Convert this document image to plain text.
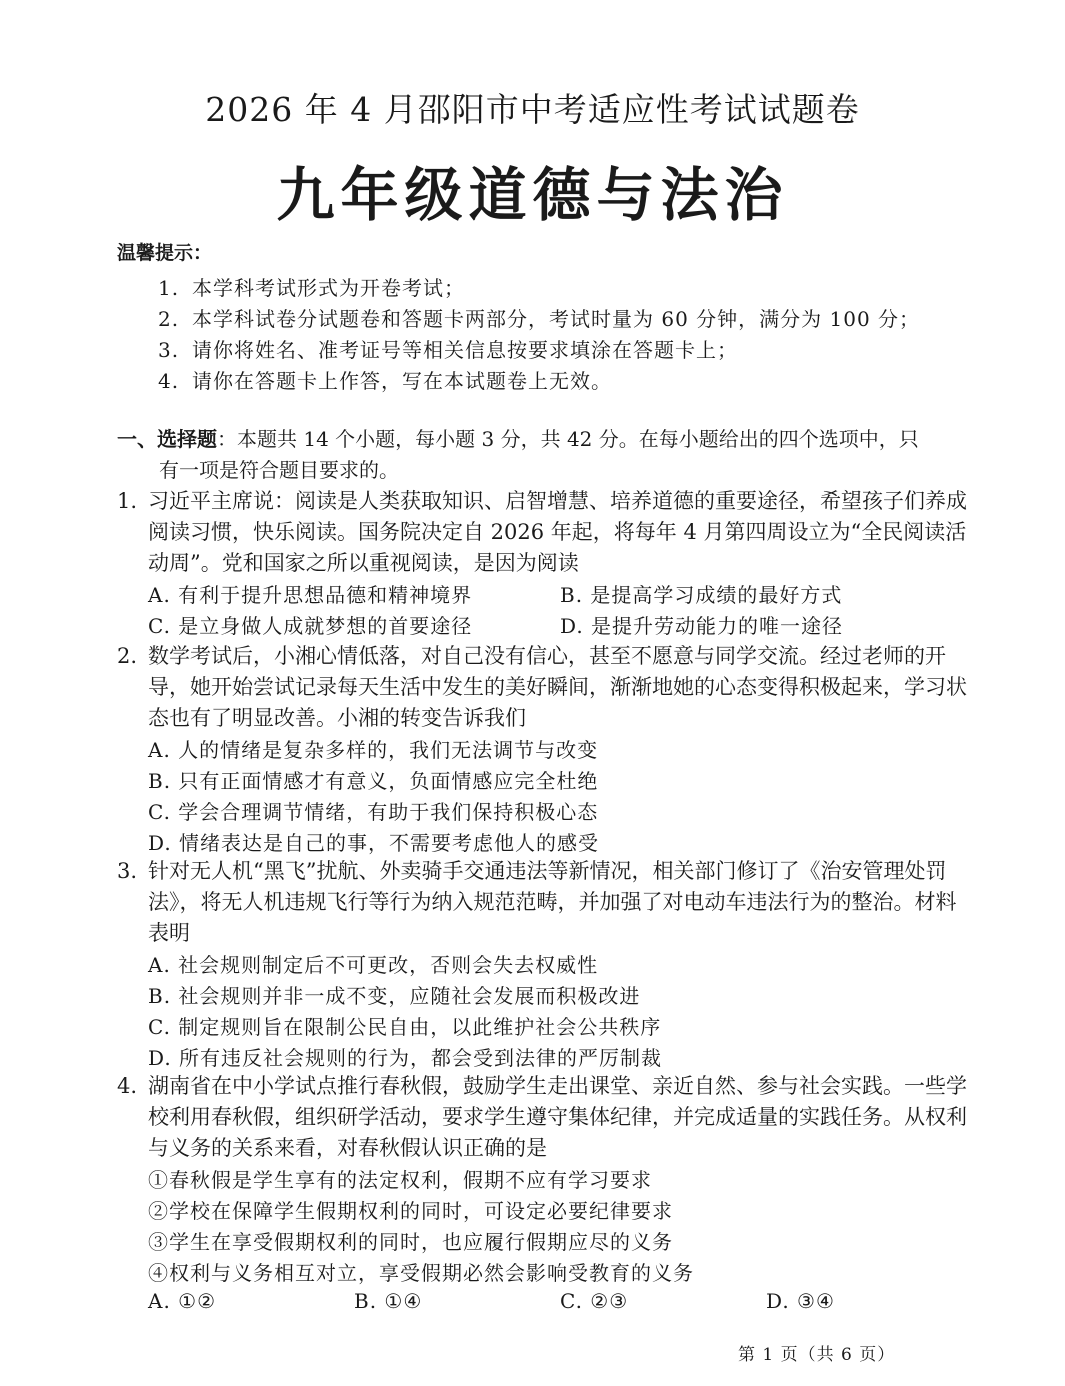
2026 年 4 月邵阳市中考适应性考试试题卷
九年级道德与法治
温馨提示：
1. 本学科考试形式为开卷考试；
2. 本学科试卷分试题卷和答题卡两部分，考试时量为 60 分钟，满分为 100 分；
3. 请你将姓名、准考证号等相关信息按要求填涂在答题卡上；
4. 请你在答题卡上作答，写在本试题卷上无效。
一、选择题：本题共 14 个小题，每小题 3 分，共 42 分。在每小题给出的四个选项中，只
有一项是符合题目要求的。
1. 习近平主席说：阅读是人类获取知识、启智增慧、培养道德的重要途径，希望孩子们养成阅读习惯，快乐阅读。国务院决定自 2026 年起，将每年 4 月第四周设立为“全民阅读活动周”。党和国家之所以重视阅读，是因为阅读
A. 有利于提升思想品德和精神境界	B. 是提高学习成绩的最好方式
C. 是立身做人成就梦想的首要途径	D. 是提升劳动能力的唯一途径
2. 数学考试后，小湘心情低落，对自己没有信心，甚至不愿意与同学交流。经过老师的开导，她开始尝试记录每天生活中发生的美好瞬间，渐渐地她的心态变得积极起来，学习状态也有了明显改善。小湘的转变告诉我们
A. 人的情绪是复杂多样的，我们无法调节与改变
B. 只有正面情感才有意义，负面情感应完全杜绝
C. 学会合理调节情绪，有助于我们保持积极心态
D. 情绪表达是自己的事，不需要考虑他人的感受
3. 针对无人机“黑飞”扰航、外卖骑手交通违法等新情况，相关部门修订了《治安管理处罚法》，将无人机违规飞行等行为纳入规范范畴，并加强了对电动车违法行为的整治。材料表明
A. 社会规则制定后不可更改，否则会失去权威性
B. 社会规则并非一成不变，应随社会发展而积极改进
C. 制定规则旨在限制公民自由，以此维护社会公共秩序
D. 所有违反社会规则的行为，都会受到法律的严厉制裁
4. 湖南省在中小学试点推行春秋假，鼓励学生走出课堂、亲近自然、参与社会实践。一些学校利用春秋假，组织研学活动，要求学生遵守集体纪律，并完成适量的实践任务。从权利与义务的关系来看，对春秋假认识正确的是
①春秋假是学生享有的法定权利，假期不应有学习要求
②学校在保障学生假期权利的同时，可设定必要纪律要求
③学生在享受假期权利的同时，也应履行假期应尽的义务
④权利与义务相互对立，享受假期必然会影响受教育的义务
A. ①②	B. ①④	C. ②③	D. ③④
第 1 页（共 6 页）
